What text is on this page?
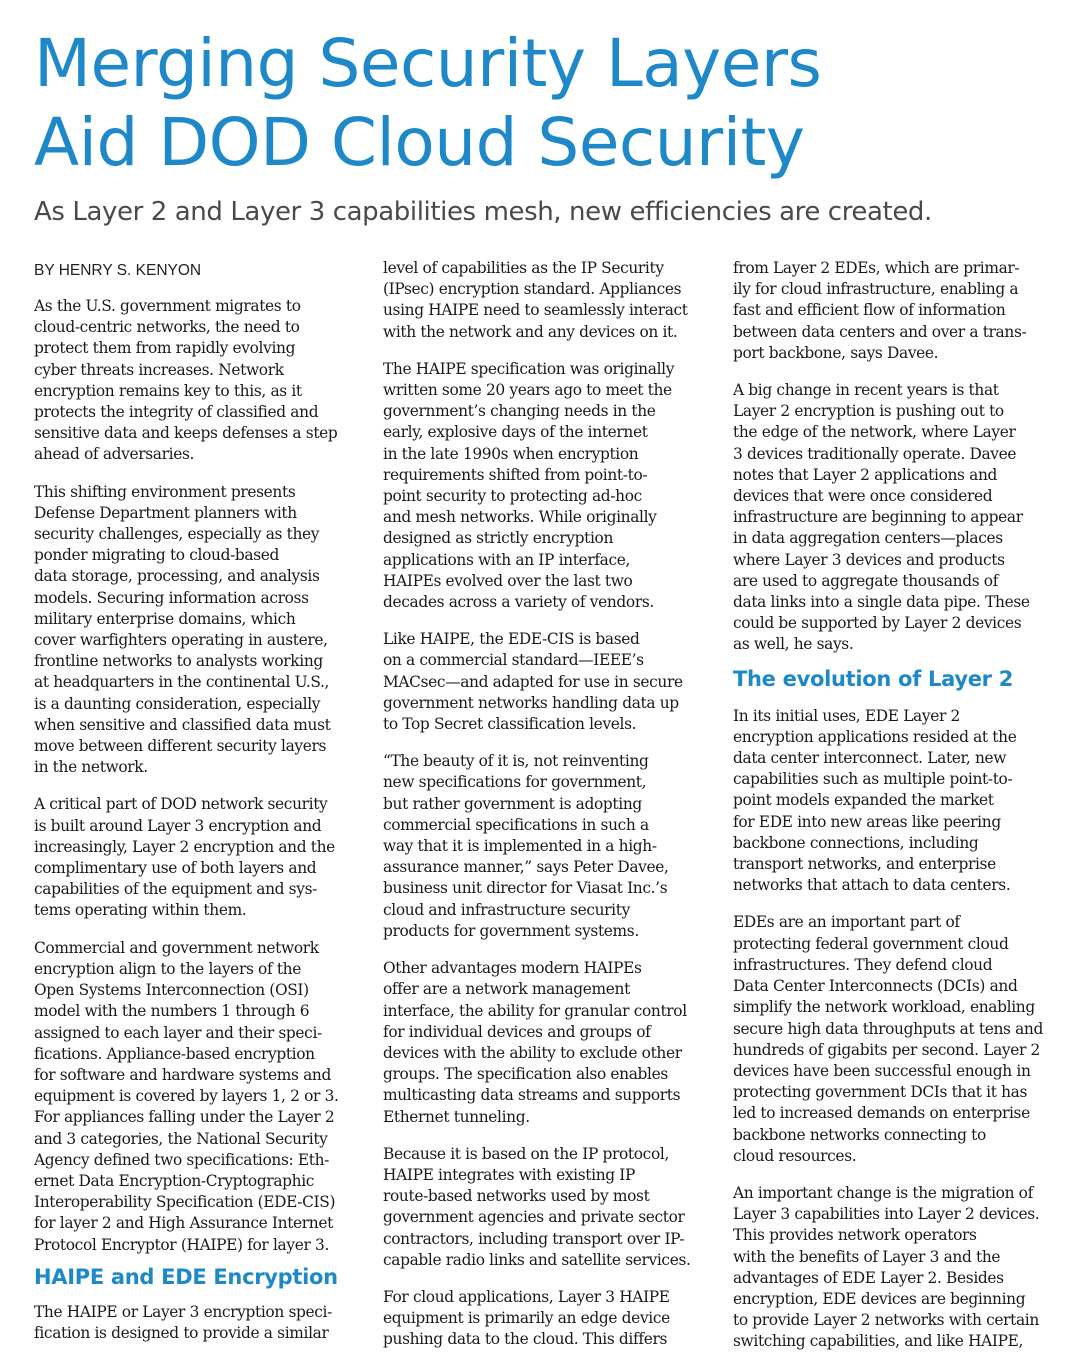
Merging Security Layers
Aid DOD Cloud Security

As Layer 2 and Layer 3 capabilities mesh, new efficiencies are created.

BY HENRY S. KENYON

As the U.S. government migrates to
cloud-centric networks, the need to
protect them from rapidly evolving
cyber threats increases. Network
encryption remains key to this, as it
protects the integrity of classified and
sensitive data and keeps defenses a step
ahead of adversaries.

This shifting environment presents
Defense Department planners with
security challenges, especially as they
ponder migrating to cloud-based
data storage, processing, and analysis
models. Securing information across
military enterprise domains, which
cover warfighters operating in austere,
frontline networks to analysts working
at headquarters in the continental U.S.,
is a daunting consideration, especially
when sensitive and classified data must
move between different security layers
in the network.

A critical part of DOD network security
is built around Layer 3 encryption and
increasingly, Layer 2 encryption and the
complimentary use of both layers and
capabilities of the equipment and sys-
tems operating within them.

Commercial and government network
encryption align to the layers of the
Open Systems Interconnection (OSI)
model with the numbers 1 through 6
assigned to each layer and their speci-
fications. Appliance-based encryption
for software and hardware systems and
equipment is covered by layers 1, 2 or 3.
For appliances falling under the Layer 2
and 3 categories, the National Security
Agency defined two specifications: Eth-
ernet Data Encryption-Cryptographic
Interoperability Specification (EDE-CIS)
for layer 2 and High Assurance Internet
Protocol Encryptor (HAIPE) for layer 3.

HAIPE and EDE Encryption

The HAIPE or Layer 3 encryption speci-
fication is designed to provide a similar

level of capabilities as the IP Security
(IPsec) encryption standard. Appliances
using HAIPE need to seamlessly interact
with the network and any devices on it.

The HAIPE specification was originally
written some 20 years ago to meet the
government’s changing needs in the
early, explosive days of the internet
in the late 1990s when encryption
requirements shifted from point-to-
point security to protecting ad-hoc
and mesh networks. While originally
designed as strictly encryption
applications with an IP interface,
HAIPEs evolved over the last two
decades across a variety of vendors.

Like HAIPE, the EDE-CIS is based
on a commercial standard—IEEE’s
MACsec—and adapted for use in secure
government networks handling data up
to Top Secret classification levels.

“The beauty of it is, not reinventing
new specifications for government,
but rather government is adopting
commercial specifications in such a
way that it is implemented in a high-
assurance manner,” says Peter Davee,
business unit director for Viasat Inc.’s
cloud and infrastructure security
products for government systems.

Other advantages modern HAIPEs
offer are a network management
interface, the ability for granular control
for individual devices and groups of
devices with the ability to exclude other
groups. The specification also enables
multicasting data streams and supports
Ethernet tunneling.

Because it is based on the IP protocol,
HAIPE integrates with existing IP
route-based networks used by most
government agencies and private sector
contractors, including transport over IP-
capable radio links and satellite services.

For cloud applications, Layer 3 HAIPE
equipment is primarily an edge device
pushing data to the cloud. This differs

from Layer 2 EDEs, which are primar-
ily for cloud infrastructure, enabling a
fast and efficient flow of information
between data centers and over a trans-
port backbone, says Davee.

A big change in recent years is that
Layer 2 encryption is pushing out to
the edge of the network, where Layer
3 devices traditionally operate. Davee
notes that Layer 2 applications and
devices that were once considered
infrastructure are beginning to appear
in data aggregation centers—places
where Layer 3 devices and products
are used to aggregate thousands of
data links into a single data pipe. These
could be supported by Layer 2 devices
as well, he says.

The evolution of Layer 2

In its initial uses, EDE Layer 2
encryption applications resided at the
data center interconnect. Later, new
capabilities such as multiple point-to-
point models expanded the market
for EDE into new areas like peering
backbone connections, including
transport networks, and enterprise
networks that attach to data centers.

EDEs are an important part of
protecting federal government cloud
infrastructures. They defend cloud
Data Center Interconnects (DCIs) and
simplify the network workload, enabling
secure high data throughputs at tens and
hundreds of gigabits per second. Layer 2
devices have been successful enough in
protecting government DCIs that it has
led to increased demands on enterprise
backbone networks connecting to
cloud resources.

An important change is the migration of
Layer 3 capabilities into Layer 2 devices.
This provides network operators
with the benefits of Layer 3 and the
advantages of EDE Layer 2. Besides
encryption, EDE devices are beginning
to provide Layer 2 networks with certain
switching capabilities, and like HAIPE,
